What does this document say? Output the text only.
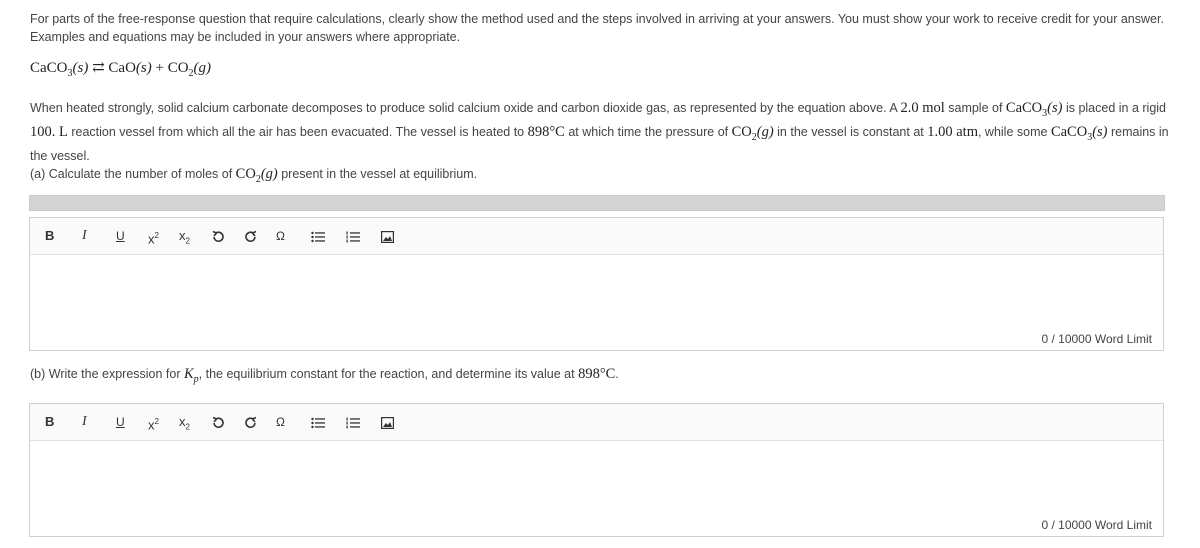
For parts of the free-response question that require calculations, clearly show the method used and the steps involved in arriving at your answers. You must show your work to receive credit for your answer. Examples and equations may be included in your answers where appropriate.
CaCO$_3$(s) ⇄ $CaO(s) + CO_2(g)$
When heated strongly, solid calcium carbonate decomposes to produce solid calcium oxide and carbon dioxide gas, as represented by the equation above. A 2.0 mol sample of CaCO$_3$(s) is placed in a rigid 100. L reaction vessel from which all the air has been evacuated. The vessel is heated to 898°C at which time the pressure of $CO_2(g)$ in the vessel is constant at 1.00 atm, while some CaCO$_3$(s) remains in the vessel.
(a) Calculate the number of moles of $CO_2(g)$ present in the vessel at equilibrium.
B I U $x^2$ $x_2$	Ω
0 / 10000 Word Limit
(b) Write the expression for $K_p$, the equilibrium constant for the reaction, and determine its value at 898°C.
B I U $x^2$ $x_2$	Ω
0 / 10000 Word Limit
